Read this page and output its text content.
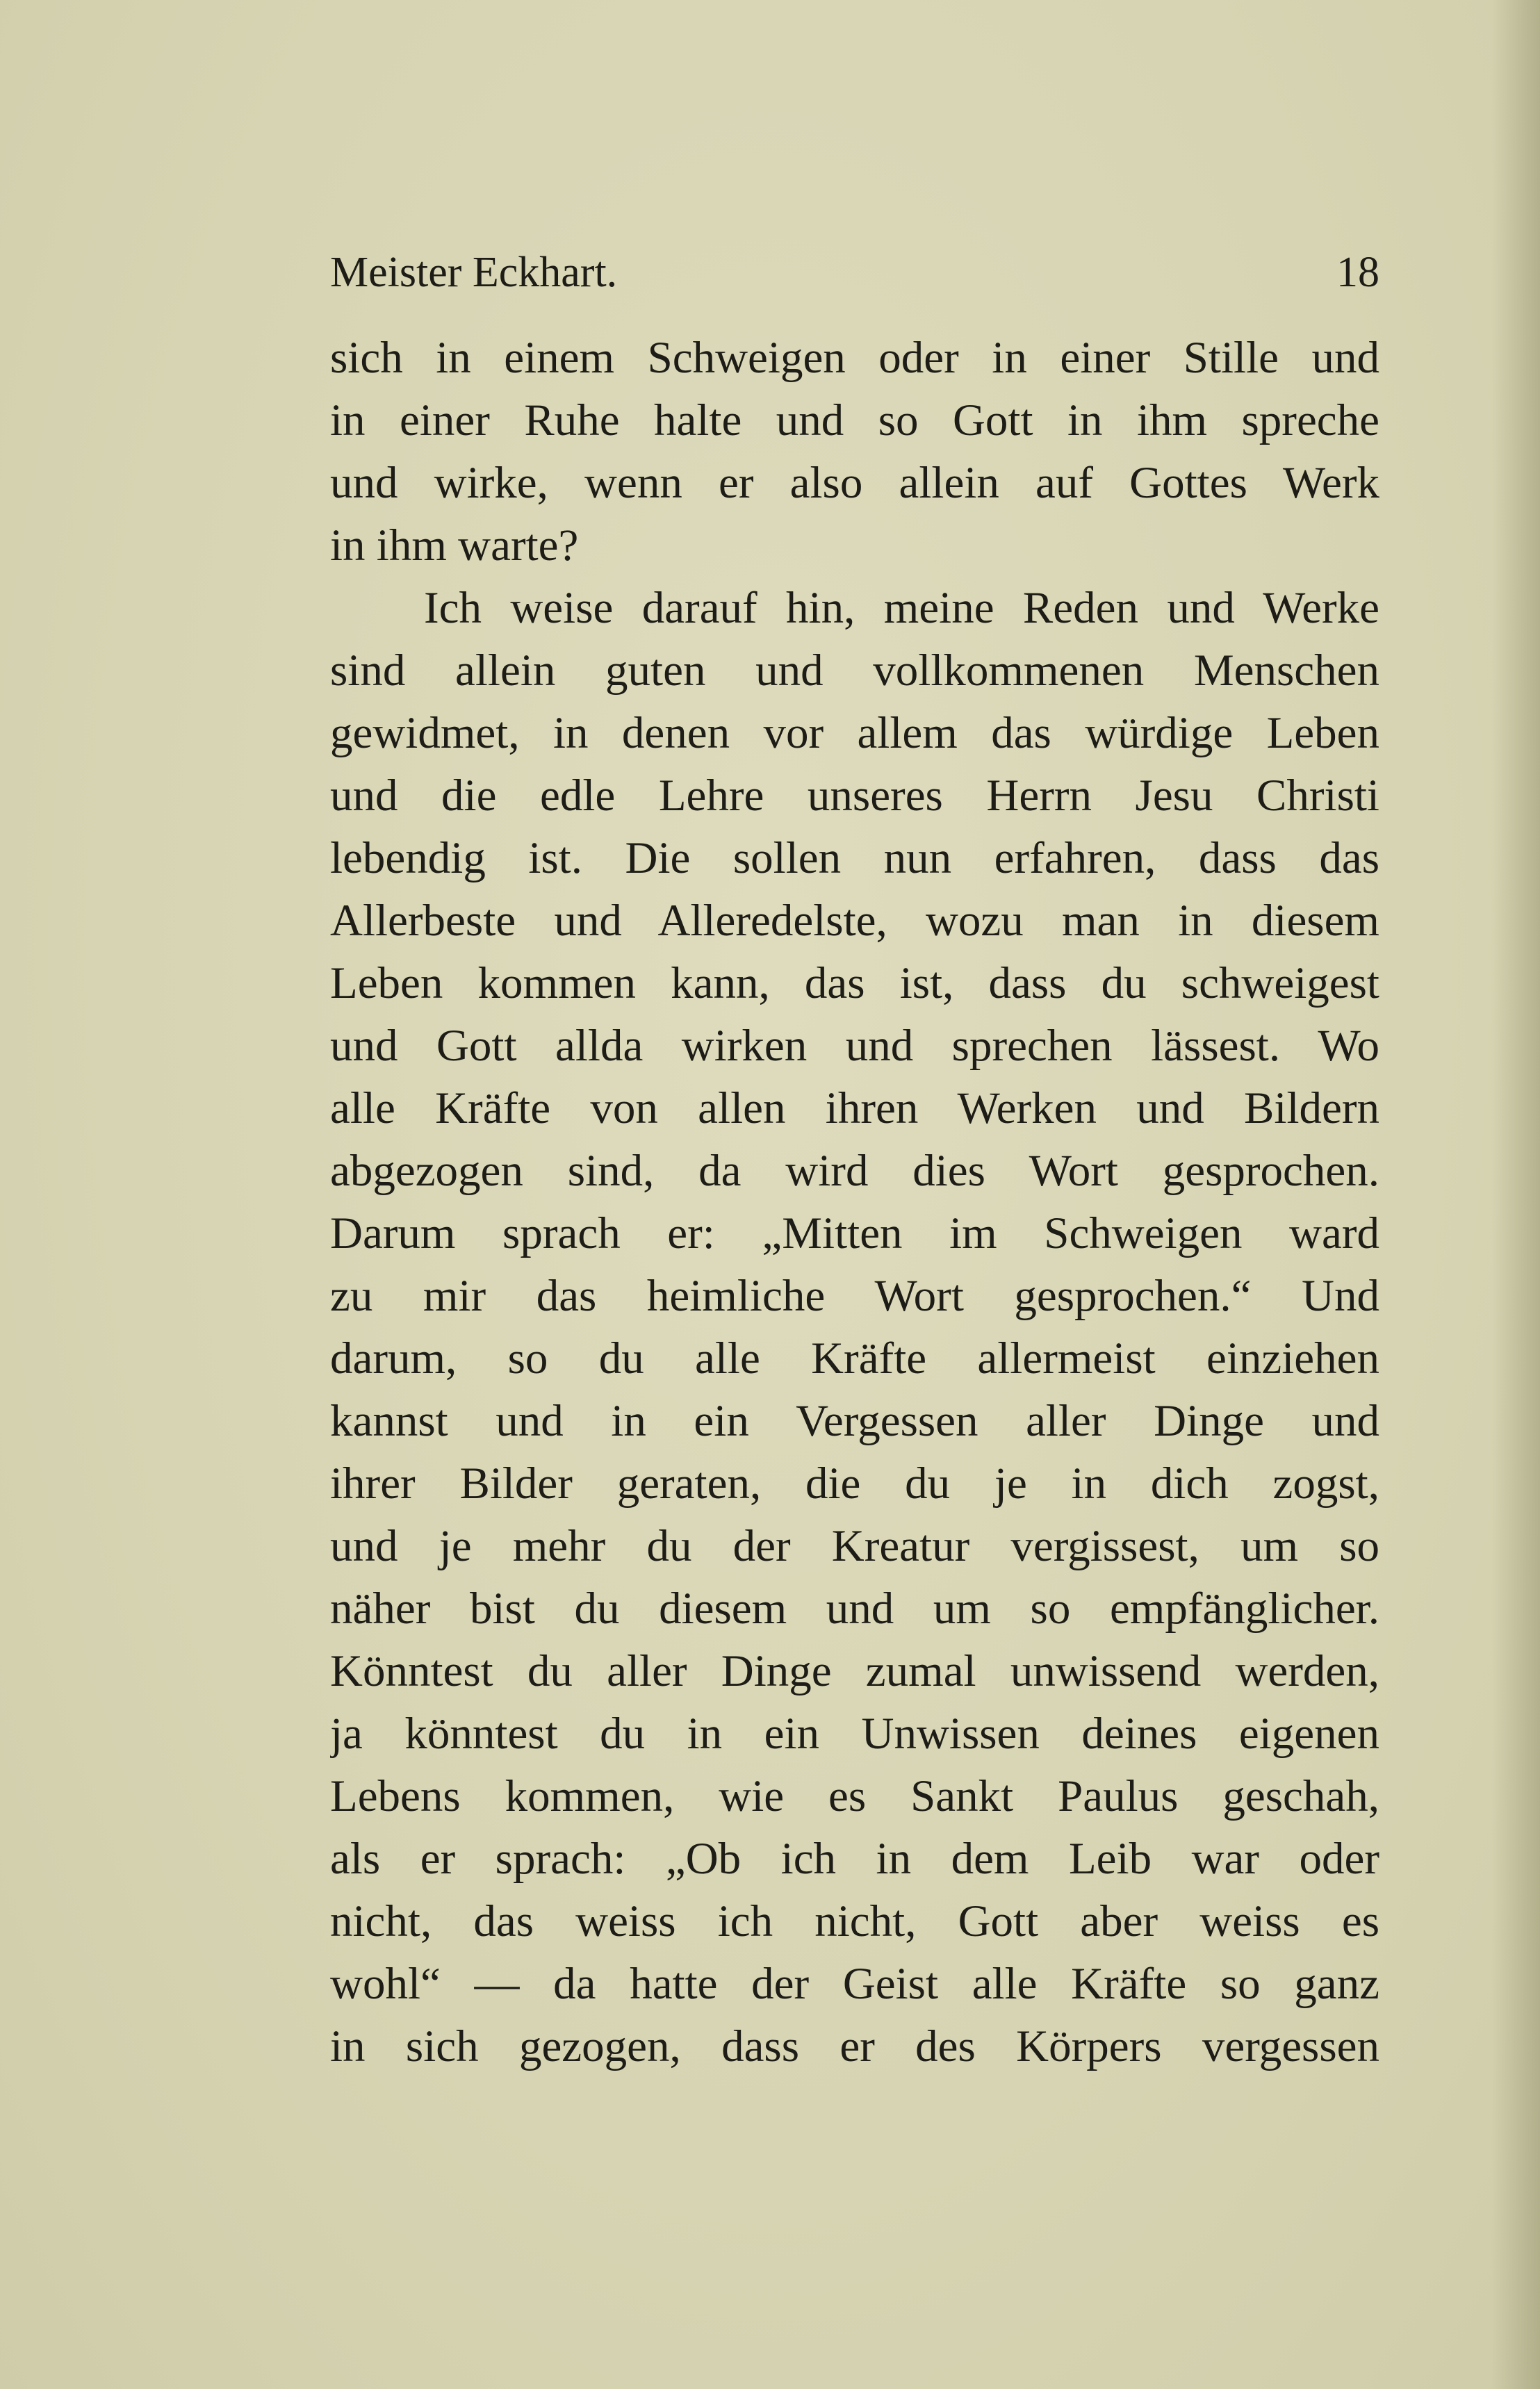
Meister Eckhart.	18
sich in einem Schweigen oder in einer Stille und
in einer Ruhe halte und so Gott in ihm spreche
und wirke, wenn er also allein auf Gottes Werk
in ihm warte?
Ich weise darauf hin, meine Reden und Werke
sind allein guten und vollkommenen Menschen
gewidmet, in denen vor allem das würdige Leben
und die edle Lehre unseres Herrn Jesu Christi
lebendig ist. Die sollen nun erfahren, dass das
Allerbeste und Alleredelste, wozu man in diesem
Leben kommen kann, das ist, dass du schweigest
und Gott allda wirken und sprechen lässest. Wo
alle Kräfte von allen ihren Werken und Bildern
abgezogen sind, da wird dies Wort gesprochen.
Darum sprach er: „Mitten im Schweigen ward
zu mir das heimliche Wort gesprochen.“ Und
darum, so du alle Kräfte allermeist einziehen
kannst und in ein Vergessen aller Dinge und
ihrer Bilder geraten, die du je in dich zogst,
und je mehr du der Kreatur vergissest, um so
näher bist du diesem und um so empfänglicher.
Könntest du aller Dinge zumal unwissend werden,
ja könntest du in ein Unwissen deines eigenen
Lebens kommen, wie es Sankt Paulus geschah,
als er sprach: „Ob ich in dem Leib war oder
nicht, das weiss ich nicht, Gott aber weiss es
wohl“ — da hatte der Geist alle Kräfte so ganz
in sich gezogen, dass er des Körpers vergessen
